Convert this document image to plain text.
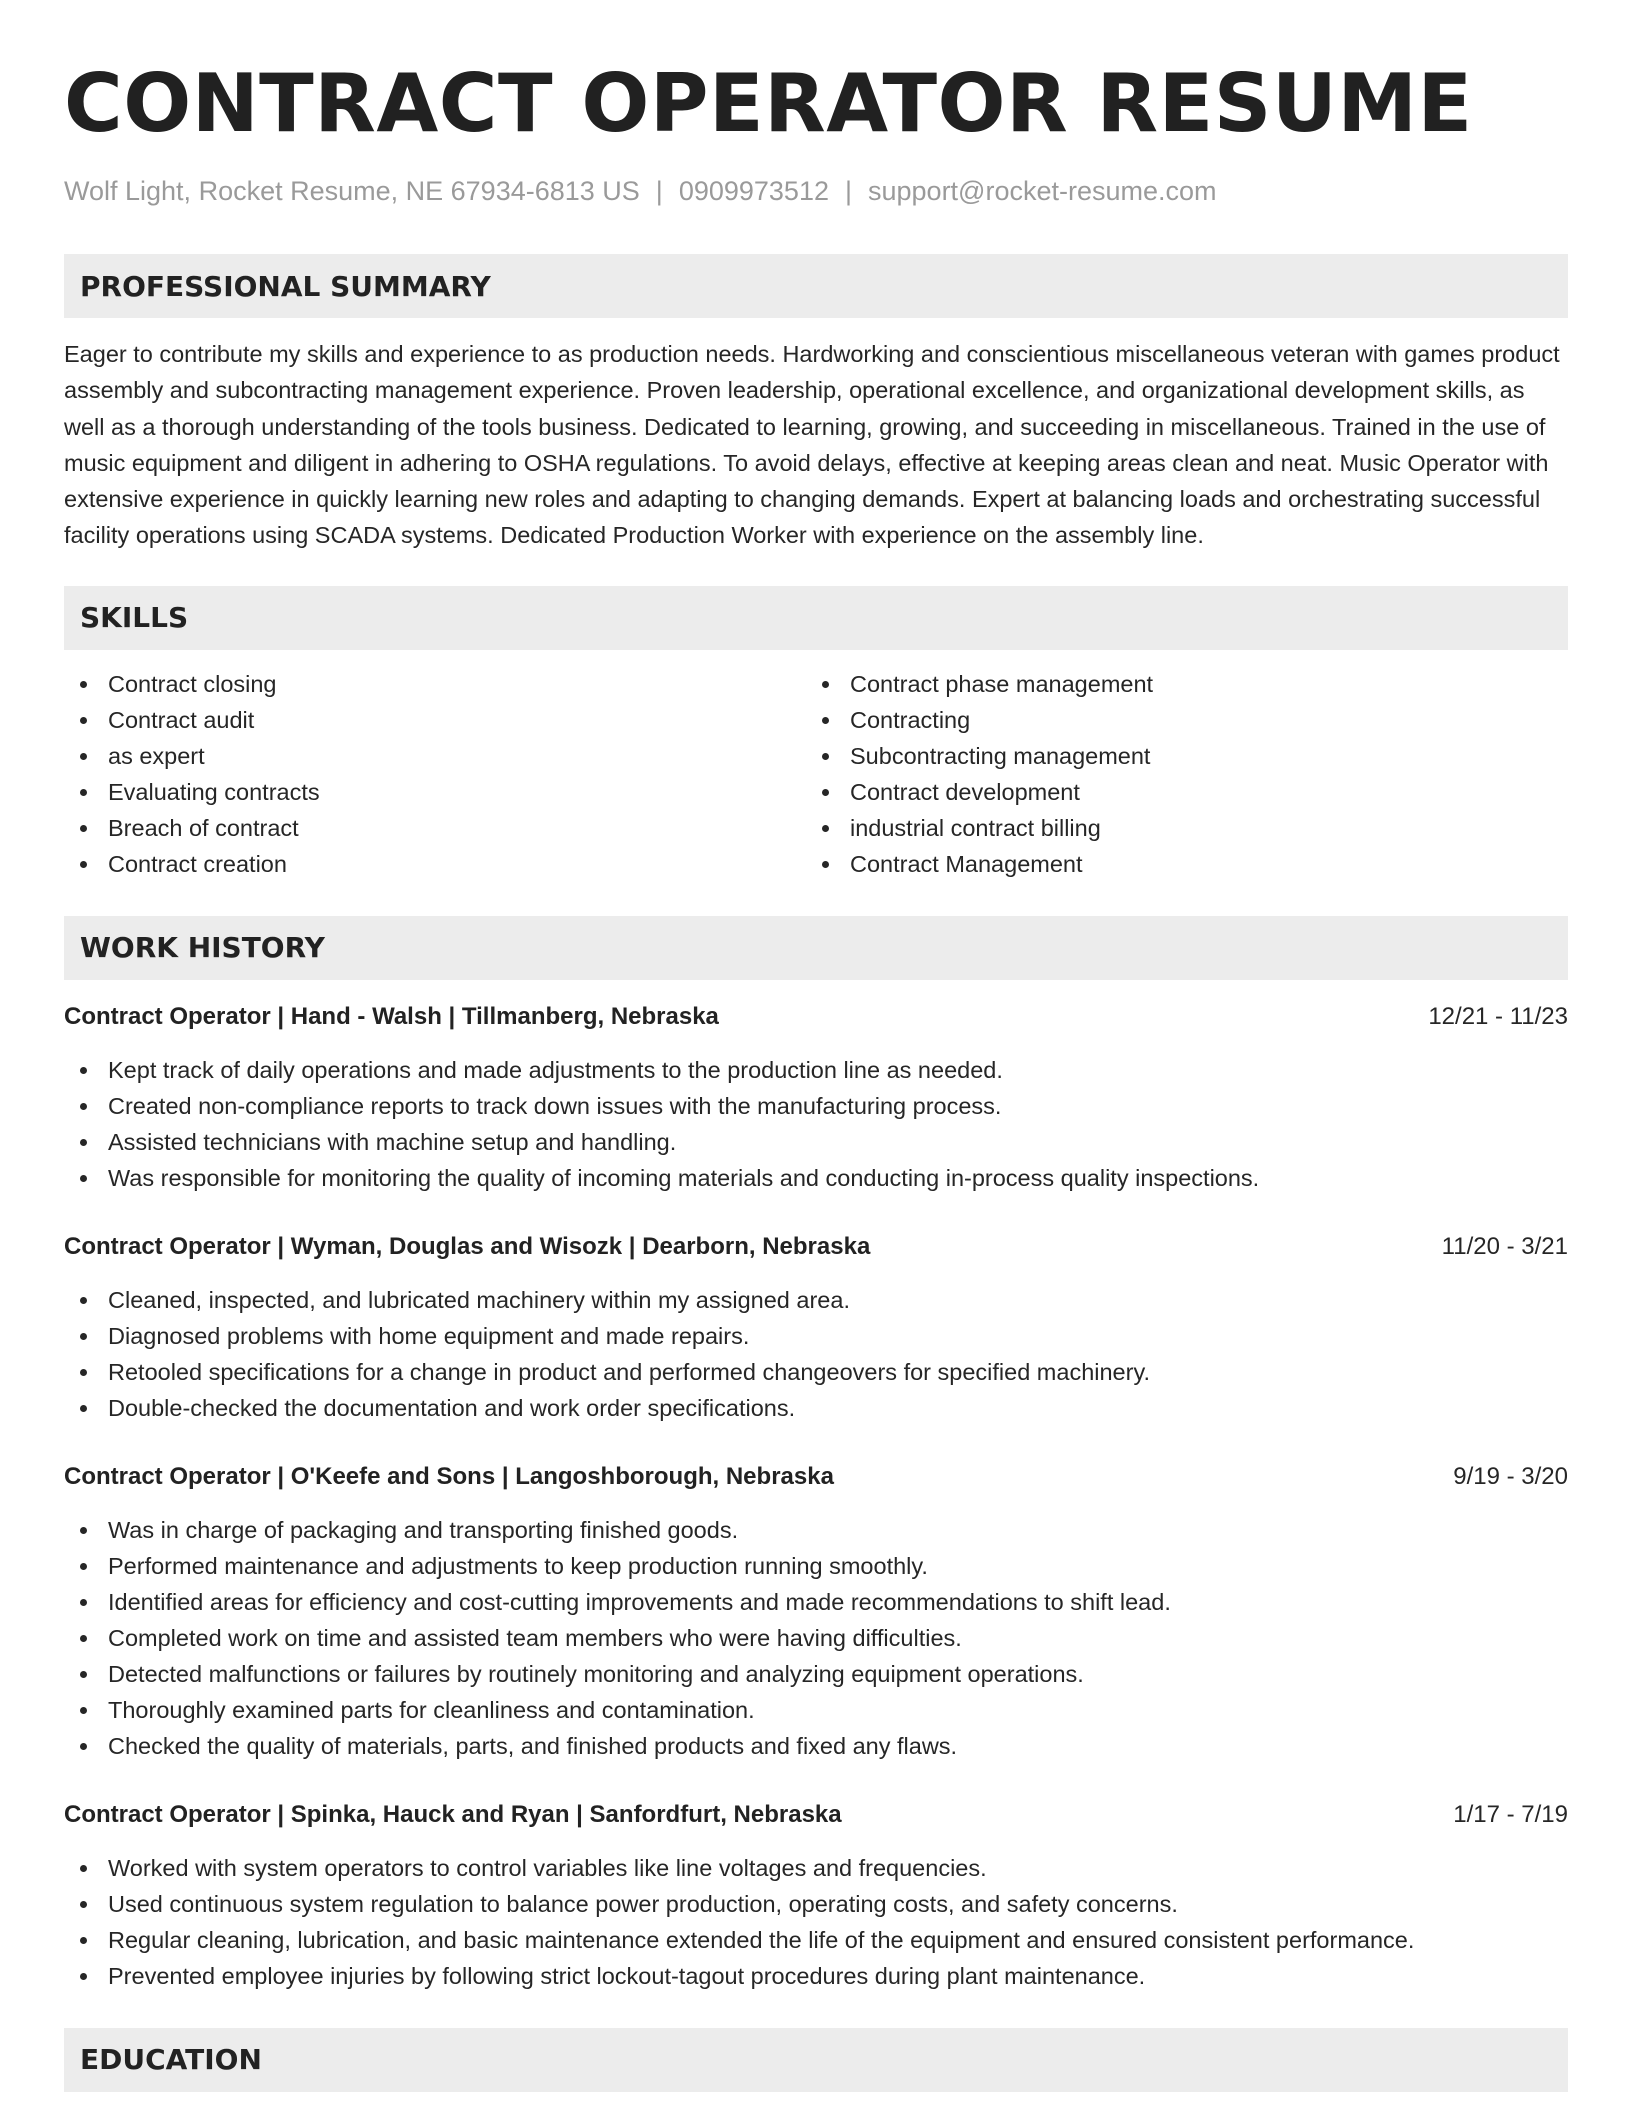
CONTRACT OPERATOR RESUME
Wolf Light, Rocket Resume, NE 67934-6813 US | 0909973512 | support@rocket-resume.com
PROFESSIONAL SUMMARY
Eager to contribute my skills and experience to as production needs. Hardworking and conscientious miscellaneous veteran with games product assembly and subcontracting management experience. Proven leadership, operational excellence, and organizational development skills, as well as a thorough understanding of the tools business. Dedicated to learning, growing, and succeeding in miscellaneous. Trained in the use of music equipment and diligent in adhering to OSHA regulations. To avoid delays, effective at keeping areas clean and neat. Music Operator with extensive experience in quickly learning new roles and adapting to changing demands. Expert at balancing loads and orchestrating successful facility operations using SCADA systems. Dedicated Production Worker with experience on the assembly line.
SKILLS
Contract closing
Contract audit
as expert
Evaluating contracts
Breach of contract
Contract creation
Contract phase management
Contracting
Subcontracting management
Contract development
industrial contract billing
Contract Management
WORK HISTORY
Contract Operator | Hand - Walsh | Tillmanberg, Nebraska	12/21 - 11/23
Kept track of daily operations and made adjustments to the production line as needed.
Created non-compliance reports to track down issues with the manufacturing process.
Assisted technicians with machine setup and handling.
Was responsible for monitoring the quality of incoming materials and conducting in-process quality inspections.
Contract Operator | Wyman, Douglas and Wisozk | Dearborn, Nebraska	11/20 - 3/21
Cleaned, inspected, and lubricated machinery within my assigned area.
Diagnosed problems with home equipment and made repairs.
Retooled specifications for a change in product and performed changeovers for specified machinery.
Double-checked the documentation and work order specifications.
Contract Operator | O'Keefe and Sons | Langoshborough, Nebraska	9/19 - 3/20
Was in charge of packaging and transporting finished goods.
Performed maintenance and adjustments to keep production running smoothly.
Identified areas for efficiency and cost-cutting improvements and made recommendations to shift lead.
Completed work on time and assisted team members who were having difficulties.
Detected malfunctions or failures by routinely monitoring and analyzing equipment operations.
Thoroughly examined parts for cleanliness and contamination.
Checked the quality of materials, parts, and finished products and fixed any flaws.
Contract Operator | Spinka, Hauck and Ryan | Sanfordfurt, Nebraska	1/17 - 7/19
Worked with system operators to control variables like line voltages and frequencies.
Used continuous system regulation to balance power production, operating costs, and safety concerns.
Regular cleaning, lubrication, and basic maintenance extended the life of the equipment and ensured consistent performance.
Prevented employee injuries by following strict lockout-tagout procedures during plant maintenance.
EDUCATION
